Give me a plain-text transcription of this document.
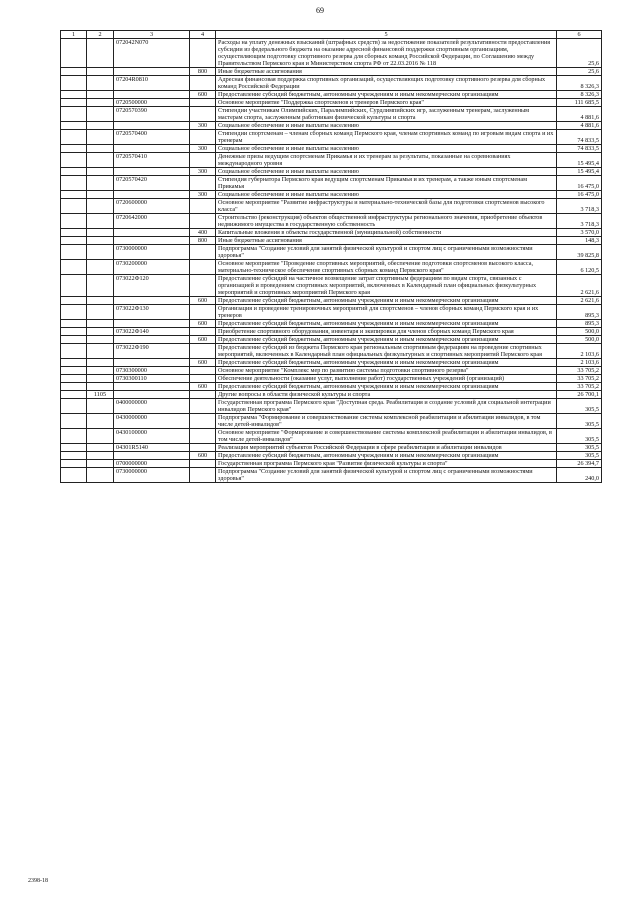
69
1	2	3	4	5	6
		072042N070		Расходы на уплату денежных взысканий (штрафных средств) за недостижение показателей результативности предоставления субсидии из федерального бюджета на оказание адресной финансовой поддержки спортивным организациям, осуществляющим подготовку спортивного резерва для сборных команд Российской Федерации, по Соглашению между Правительством Пермского края и Министерством спорта РФ от 22.03.2016 № 118	25,6
			800	Иные бюджетные ассигнования	25,6
		07204R0810		Адресная финансовая поддержка спортивных организаций, осуществляющих подготовку спортивного резерва для сборных команд Российской Федерации	8 326,3
			600	Предоставление субсидий бюджетным, автономным учреждениям и иным некоммерческим организациям	8 326,3
		0720500000		Основное мероприятие "Поддержка спортсменов и тренеров Пермского края"	111 685,5
		0720570390		Стипендии участникам Олимпийских, Паралимпийских, Сурдлимпийских игр, заслуженным тренерам, заслуженным мастерам спорта, заслуженным работникам физической культуры и спорта	4 881,6
			300	Социальное обеспечение и иные выплаты населению	4 881,6
		0720570400		Стипендии спортсменам – членам сборных команд Пермского края, членам спортивных команд по игровым видам спорта и их тренерам	74 833,5
			300	Социальное обеспечение и иные выплаты населению	74 833,5
		0720570410		Денежные призы ведущим спортсменам Прикамья и их тренерам за результаты, показанные на соревнованиях международного уровня	15 495,4
			300	Социальное обеспечение и иные выплаты населению	15 495,4
		0720570420		Стипендия губернатора Пермского края ведущим спортсменам Прикамья и их тренерам, а также юным спортсменам Прикамья	16 475,0
			300	Социальное обеспечение и иные выплаты населению	16 475,0
		0720600000		Основное мероприятие "Развитие инфраструктуры и материально-технической базы для подготовки спортсменов высокого класса"	3 718,3
		0720642000		Строительство (реконструкция) объектов общественной инфраструктуры регионального значения, приобретение объектов недвижимого имущества в государственную собственность	3 718,3
			400	Капитальные вложения в объекты государственной (муниципальной) собственности	3 570,0
			800	Иные бюджетные ассигнования	148,3
		0730000000		Подпрограмма "Создание условий для занятий физической культурой и спортом лиц с ограниченными возможностями здоровья"	39 825,8
		0730200000		Основное мероприятие "Проведение спортивных мероприятий, обеспечение подготовки спортсменов высокого класса, материально-техническое обеспечение спортивных сборных команд Пермского края"	6 120,5
		073022Ф120		Предоставление субсидий на частичное возмещение затрат спортивным федерациям по видам спорта, связанных с организацией и проведением спортивных мероприятий, включенных в Календарный план официальных физкультурных мероприятий и спортивных мероприятий Пермского края	2 621,6
			600	Предоставление субсидий бюджетным, автономным учреждениям и иным некоммерческим организациям	2 621,6
		073022Ф130		Организация и проведение тренировочных мероприятий для спортсменов – членов сборных команд Пермского края и их тренеров	895,3
			600	Предоставление субсидий бюджетным, автономным учреждениям и иным некоммерческим организациям	895,3
		073022Ф140		Приобретение спортивного оборудования, инвентаря и экипировки для членов сборных команд Пермского края	500,0
			600	Предоставление субсидий бюджетным, автономным учреждениям и иным некоммерческим организациям	500,0
		073022Ф190		Предоставление субсидий из бюджета Пермского края региональным спортивным федерациям на проведение спортивных мероприятий, включенных в Календарный план официальных физкультурных и спортивных мероприятий Пермского края	2 103,6
			600	Предоставление субсидий бюджетным, автономным учреждениям и иным некоммерческим организациям	2 103,6
		0730300000		Основное мероприятие "Комплекс мер по развитию системы подготовки спортивного резерва"	33 705,2
		0730300110		Обеспечение деятельности (оказание услуг, выполнение работ) государственных учреждений (организаций)	33 705,2
			600	Предоставление субсидий бюджетным, автономным учреждениям и иным некоммерческим организациям	33 705,2
	1105			Другие вопросы в области физической культуры и спорта	26 700,1
		0400000000		Государственная программа Пермского края "Доступная среда. Реабилитация и создание условий для социальной интеграции инвалидов Пермского края"	305,5
		0430000000		Подпрограмма "Формирование и совершенствование системы комплексной реабилитации и абилитации инвалидов, в том числе детей-инвалидов"	305,5
		0430100000		Основное мероприятие "Формирование и совершенствование системы комплексной реабилитации и абилитации инвалидов, в том числе детей-инвалидов"	305,5
		04301R5140		Реализация мероприятий субъектов Российской Федерации в сфере реабилитации и абилитации инвалидов	305,5
			600	Предоставление субсидий бюджетным, автономным учреждениям и иным некоммерческим организациям	305,5
		0700000000		Государственная программа Пермского края "Развитие физической культуры и спорта"	26 394,7
		0730000000		Подпрограмма "Создание условий для занятий физической культурой и спортом лиц с ограниченными возможностями здоровья"	240,0
2398-18
